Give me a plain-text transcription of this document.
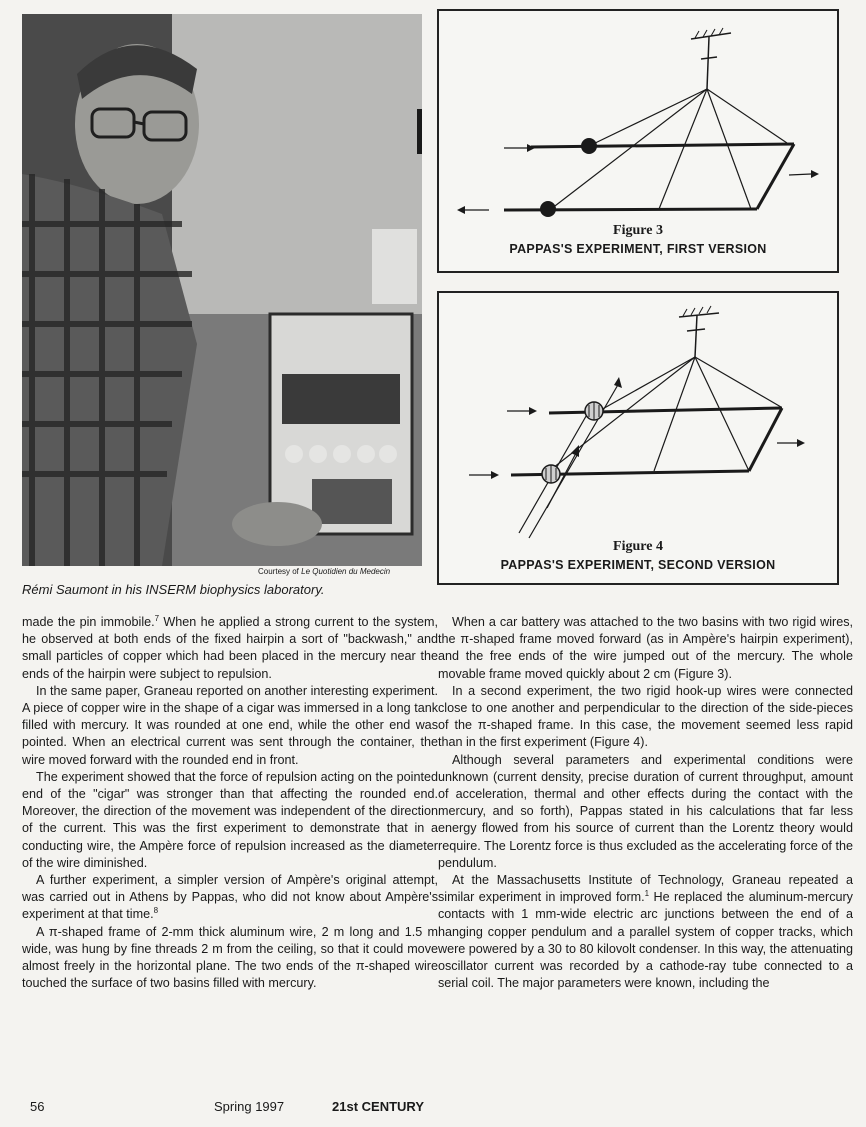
Courtesy of Le Quotidien du Medecin
Rémi Saumont in his INSERM biophysics laboratory.
Figure 3
PAPPAS'S EXPERIMENT, FIRST VERSION
Figure 4
PAPPAS'S EXPERIMENT, SECOND VERSION

made the pin immobile.$^7$ When he applied a strong current to the system, he observed at both ends of the fixed hairpin a sort of "backwash," and small particles of copper which had been placed in the mercury near the ends of the hairpin were subject to repulsion.

In the same paper, Graneau reported on another interesting experiment. A piece of copper wire in the shape of a cigar was immersed in a long tank filled with mercury. It was rounded at one end, while the other end was pointed. When an electrical current was sent through the container, the wire moved forward with the rounded end in front.

The experiment showed that the force of repulsion acting on the pointed end of the "cigar" was stronger than that affecting the rounded end. Moreover, the direction of the movement was independent of the direction of the current. This was the first experiment to demonstrate that in a conducting wire, the Ampère force of repulsion increased as the diameter of the wire diminished.

A further experiment, a simpler version of Ampère's original attempt, was carried out in Athens by Pappas, who did not know about Ampère's experiment at that time.$^8$

A π-shaped frame of 2-mm thick aluminum wire, 2 m long and 1.5 m wide, was hung by fine threads 2 m from the ceiling, so that it could move almost freely in the horizontal plane. The two ends of the π-shaped wire touched the surface of two basins filled with mercury.

When a car battery was attached to the two basins with two rigid wires, the π-shaped frame moved forward (as in Ampère's hairpin experiment), and the free ends of the wire jumped out of the mercury. The whole movable frame moved quickly about 2 cm (Figure 3).

In a second experiment, the two rigid hook-up wires were connected close to one another and perpendicular to the direction of the side-pieces of the π-shaped frame. In this case, the movement seemed less rapid than in the first experiment (Figure 4).

Although several parameters and experimental conditions were unknown (current density, precise duration of current throughput, amount of acceleration, thermal and other effects during the contact with the mercury, and so forth), Pappas stated in his calculations that far less energy flowed from his source of current than the Lorentz theory would require. The Lorentz force is thus excluded as the accelerating force of the pendulum.

At the Massachusetts Institute of Technology, Graneau repeated a similar experiment in improved form.$^1$ He replaced the aluminum-mercury contacts with 1 mm-wide electric arc junctions between the end of a hanging copper pendulum and a parallel system of copper tracks, which were powered by a 30 to 80 kilovolt condenser. In this way, the attenuating oscillator current was recorded by a cathode-ray tube connected to a serial coil. The major parameters were known, including the

56	Spring 1997	21st CENTURY
